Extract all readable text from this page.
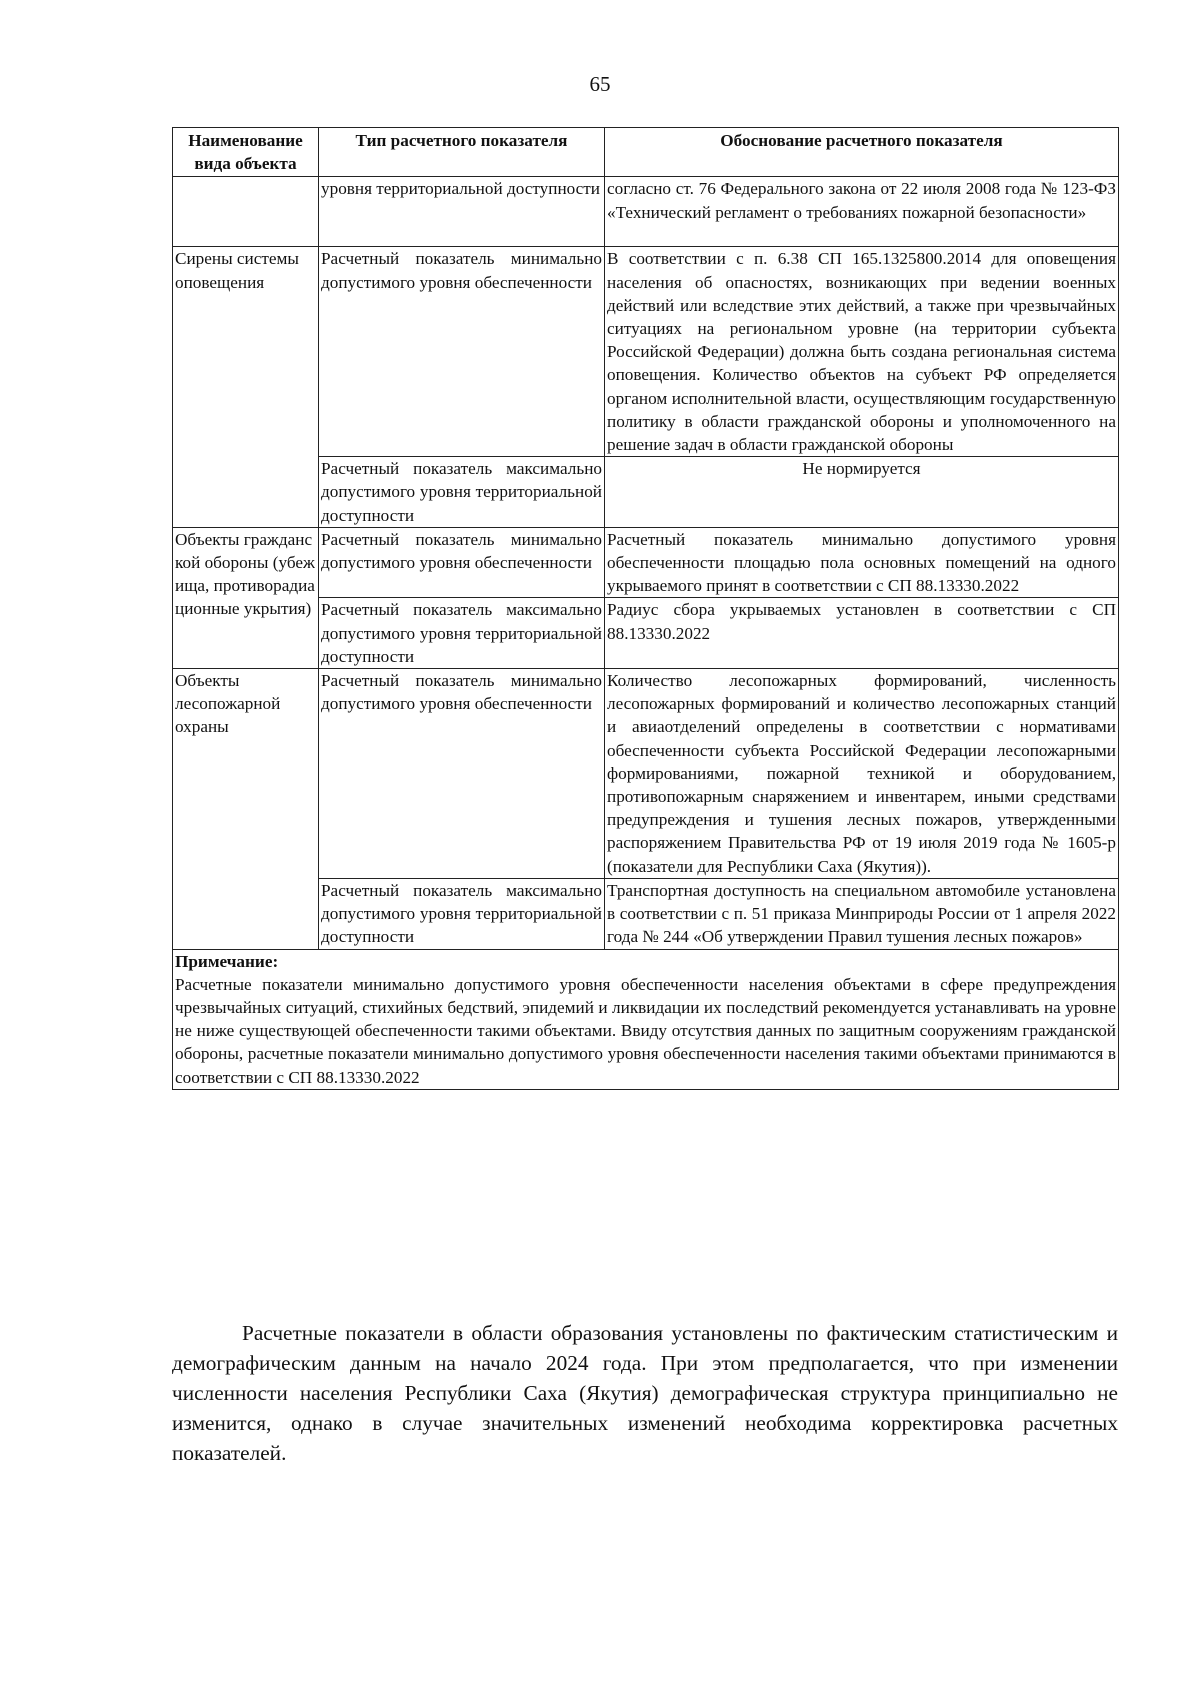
65
Наименование вида объекта	Тип расчетного показателя	Обоснование расчетного показателя
	уровня территориальной доступности	согласно ст. 76 Федерального закона от 22 июля 2008 года № 123-ФЗ «Технический регламент о требованиях пожарной безопасности»
Сирены системы оповещения	Расчетный показатель минимально допустимого уровня обеспеченности	В соответствии с п. 6.38 СП 165.1325800.2014 для оповещения населения об опасностях, возникающих при ведении военных действий или вследствие этих действий, а также при чрезвычайных ситуациях на региональном уровне (на территории субъекта Российской Федерации) должна быть создана региональная система оповещения. Количество объектов на субъект РФ определяется органом исполнительной власти, осуществляющим государственную политику в области гражданской обороны и уполномоченного на решение задач в области гражданской обороны
	Расчетный показатель максимально допустимого уровня территориальной доступности	Не нормируется
Объекты гражданской обороны (убежища, противорадиационные укрытия)	Расчетный показатель минимально допустимого уровня обеспеченности	Расчетный показатель минимально допустимого уровня обеспеченности площадью пола основных помещений на одного укрываемого принят в соответствии с СП 88.13330.2022
	Расчетный показатель максимально допустимого уровня территориальной доступности	Радиус сбора укрываемых установлен в соответствии с СП 88.13330.2022
Объекты лесопожарной охраны	Расчетный показатель минимально допустимого уровня обеспеченности	Количество лесопожарных формирований, численность лесопожарных формирований и количество лесопожарных станций и авиаотделений определены в соответствии с нормативами обеспеченности субъекта Российской Федерации лесопожарными формированиями, пожарной техникой и оборудованием, противопожарным снаряжением и инвентарем, иными средствами предупреждения и тушения лесных пожаров, утвержденными распоряжением Правительства РФ от 19 июля 2019 года № 1605-р (показатели для Республики Саха (Якутия)).
	Расчетный показатель максимально допустимого уровня территориальной доступности	Транспортная доступность на специальном автомобиле установлена в соответствии с п. 51 приказа Минприроды России от 1 апреля 2022 года № 244 «Об утверждении Правил тушения лесных пожаров»

Примечание:
Расчетные показатели минимально допустимого уровня обеспеченности населения объектами в сфере предупреждения чрезвычайных ситуаций, стихийных бедствий, эпидемий и ликвидации их последствий рекомендуется устанавливать на уровне не ниже существующей обеспеченности такими объектами. Ввиду отсутствия данных по защитным сооружениям гражданской обороны, расчетные показатели минимально допустимого уровня обеспеченности населения такими объектами принимаются в соответствии с СП 88.13330.2022		

Расчетные показатели в области образования установлены по фактическим статистическим и демографическим данным на начало 2024 года. При этом предполагается, что при изменении численности населения Республики Саха (Якутия) демографическая структура принципиально не изменится, однако в случае значительных изменений необходима корректировка расчетных показателей.
